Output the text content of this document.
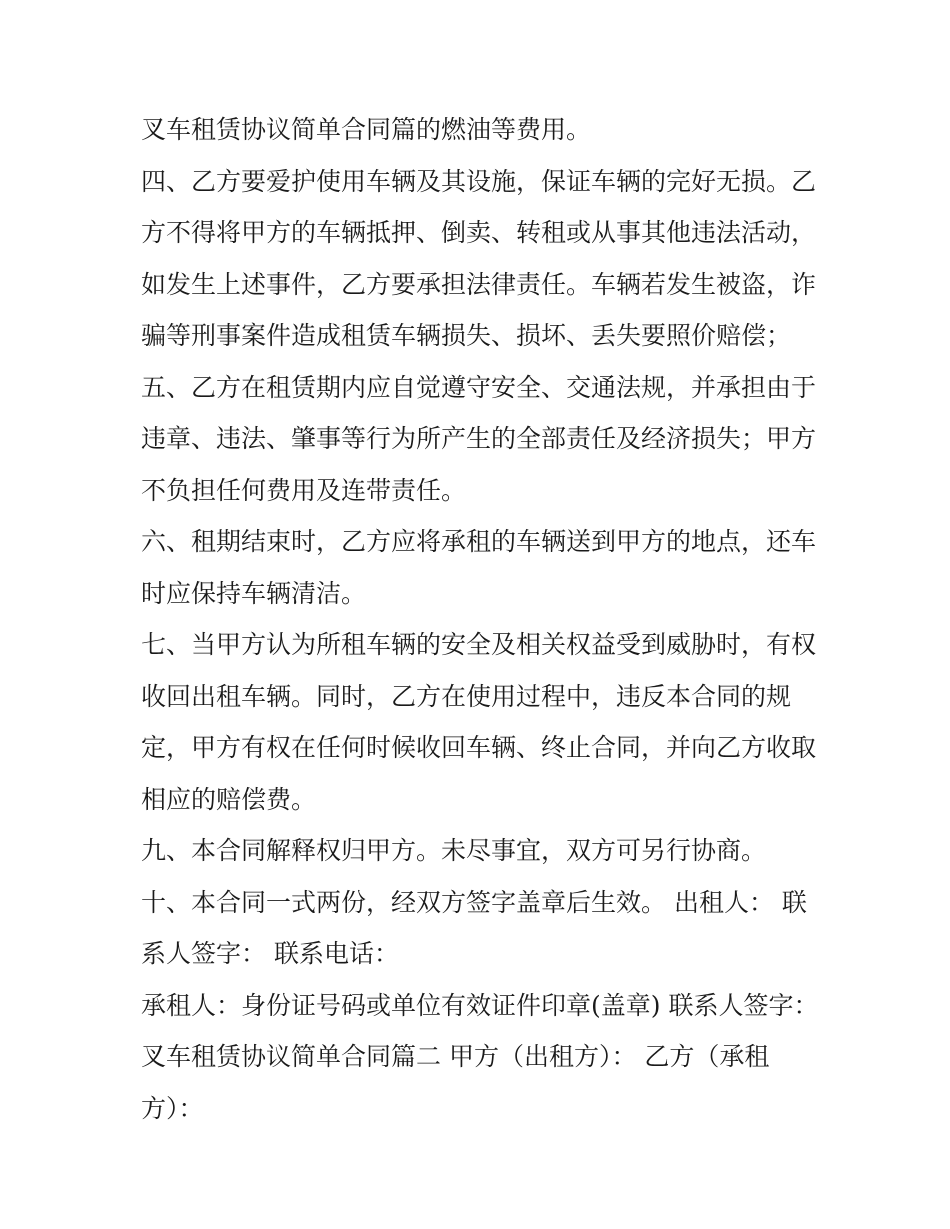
叉车租赁协议简单合同篇的燃油等费用。
四、乙方要爱护使用车辆及其设施，保证车辆的完好无损。乙
方不得将甲方的车辆抵押、倒卖、转租或从事其他违法活动，
如发生上述事件，乙方要承担法律责任。车辆若发生被盗，诈
骗等刑事案件造成租赁车辆损失、损坏、丢失要照价赔偿；
五、乙方在租赁期内应自觉遵守安全、交通法规，并承担由于
违章、违法、肇事等行为所产生的全部责任及经济损失；甲方
不负担任何费用及连带责任。
六、租期结束时，乙方应将承租的车辆送到甲方的地点，还车
时应保持车辆清洁。
七、当甲方认为所租车辆的安全及相关权益受到威胁时，有权
收回出租车辆。同时，乙方在使用过程中，违反本合同的规
定，甲方有权在任何时候收回车辆、终止合同，并向乙方收取
相应的赔偿费。
九、本合同解释权归甲方。未尽事宜，双方可另行协商。
十、本合同一式两份，经双方签字盖章后生效。 出租人： 联
系人签字： 联系电话：
承租人：身份证号码或单位有效证件印章(盖章) 联系人签字：
叉车租赁协议简单合同篇二 甲方（出租方）： 乙方（承租
方）：
